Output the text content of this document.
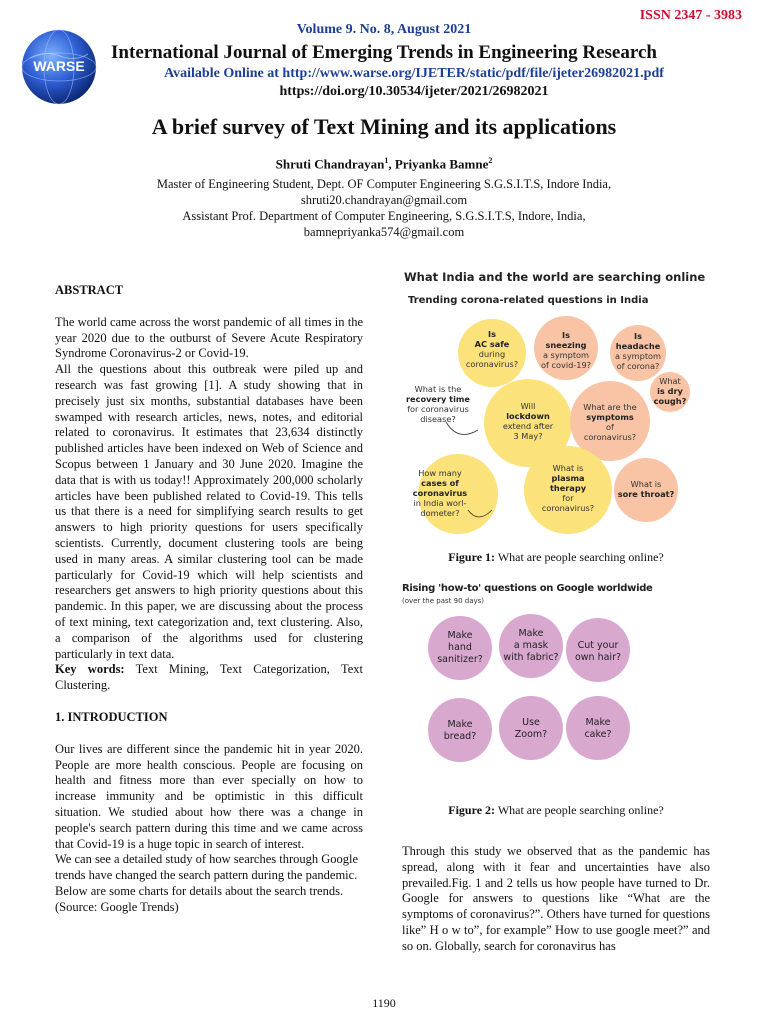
ISSN 2347 - 3983
WARSE
Volume 9. No. 8, August 2021
International Journal of Emerging Trends in Engineering Research
Available Online at http://www.warse.org/IJETER/static/pdf/file/ijeter26982021.pdf
https://doi.org/10.30534/ijeter/2021/26982021
A brief survey of Text Mining and its applications
Shruti Chandrayan$^1$, Priyanka Bamne$^2$
Master of Engineering Student, Dept. OF Computer Engineering S.G.S.I.T.S, Indore India,
shruti20.chandrayan@gmail.com
Assistant Prof. Department of Computer Engineering, S.G.S.I.T.S, Indore, India,
bamnepriyanka574@gmail.com

ABSTRACT

The world came across the worst pandemic of all times in the year 2020 due to the outburst of Severe Acute Respiratory Syndrome Coronavirus-2 or Covid-19.

All the questions about this outbreak were piled up and research was fast growing [1]. A study showing that in precisely just six months, substantial databases have been swamped with research articles, news, notes, and editorial related to coronavirus. It estimates that 23,634 distinctly published articles have been indexed on Web of Science and Scopus between 1 January and 30 June 2020. Imagine the data that is with us today!! Approximately 200,000 scholarly articles have been published related to Covid-19. This tells us that there is a need for simplifying search results to get answers to high priority questions for users specifically scientists. Currently, document clustering tools are being used in many areas. A similar clustering tool can be made particularly for Covid-19 which will help scientists and researchers get answers to high priority questions about this pandemic. In this paper, we are discussing about the process of text mining, text categorization and, text clustering. Also, a comparison of the algorithms used for clustering particularly in text data.

Key words: Text Mining, Text Categorization, Text Clustering.

1. INTRODUCTION

Our lives are different since the pandemic hit in year 2020. People are more health conscious. People are focusing on health and fitness more than ever specially on how to increase immunity and be optimistic in this difficult situation. We studied about how there was a change in people's search pattern during this time and we came across that Covid-19 is a huge topic in search of interest.

We can see a detailed study of how searches through Google trends have changed the search pattern during the pandemic. Below are some charts for details about the search trends. (Source: Google Trends)

What India and the world are searching online
Trending corona-related questions in India
Is
AC safe
during
coronavirus?
Is
sneezing
a symptom
of covid-19?
Is
headache
a symptom
of corona?
What
is dry
cough?
What is the
recovery time
for coronavirus
disease?
Will
lockdown
extend after
3 May?
What are the
symptoms
of
coronavirus?
How many
cases of
coronavirus
in India worl-
dometer?
What is
plasma
therapy
for
coronavirus?
What is
sore throat?
Figure 1: What are people searching online?
Rising 'how-to' questions on Google worldwide
(over the past 90 days)
Make
hand
sanitizer?
Make
a mask
with fabric?
Cut your
own hair?
Make
bread?
Use
Zoom?
Make
cake?
Figure 2: What are people searching online?

Through this study we observed that as the pandemic has spread, along with it fear and uncertainties have also prevailed.Fig. 1 and 2 tells us how people have turned to Dr. Google for answers to questions like “What are the symptoms of coronavirus?”. Others have turned for questions like” H o w to”, for example” How to use google meet?” and so on. Globally, search for coronavirus has

1190
